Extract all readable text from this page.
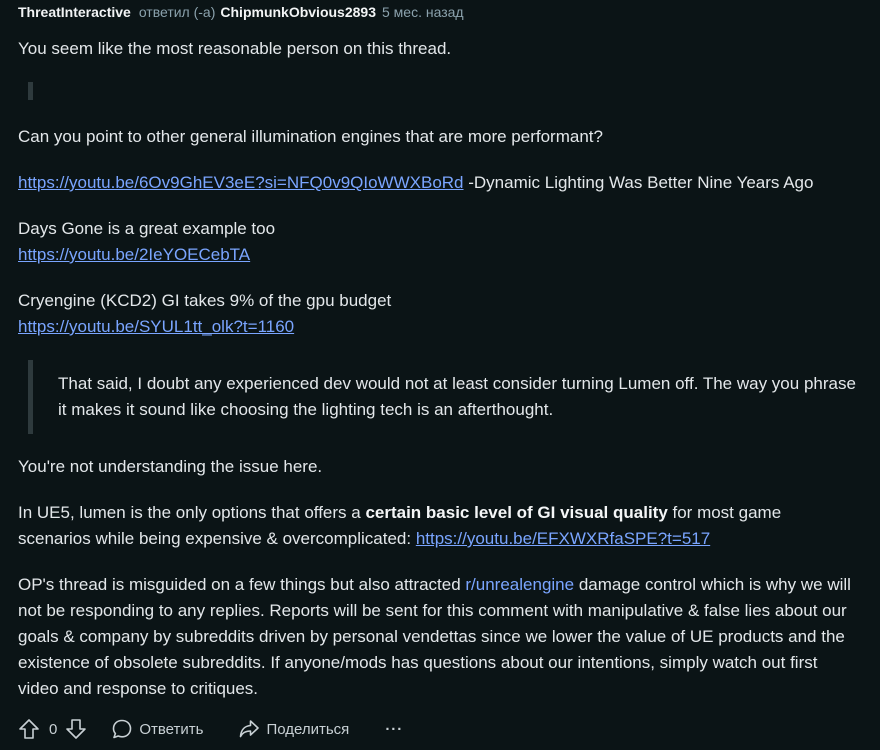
ThreatInteractive ответил (-а) ChipmunkObvious2893 5 мес. назад

You seem like the most reasonable person on this thread.

Can you point to other general illumination engines that are more performant?

https://youtu.be/6Ov9GhEV3eE?si=NFQ0v9QIoWWXBoRd -Dynamic Lighting Was Better Nine Years Ago

Days Gone is a great example too
https://youtu.be/2IeYOECebTA

Cryengine (KCD2) GI takes 9% of the gpu budget
https://youtu.be/SYUL1tt_olk?t=1160

That said, I doubt any experienced dev would not at least consider turning Lumen off. The way you phrase it makes it sound like choosing the lighting tech is an afterthought.

You're not understanding the issue here.

In UE5, lumen is the only options that offers a certain basic level of GI visual quality for most game scenarios while being expensive & overcomplicated: https://youtu.be/EFXWXRfaSPE?t=517

OP's thread is misguided on a few things but also attracted r/unrealengine damage control which is why we will not be responding to any replies. Reports will be sent for this comment with manipulative & false lies about our goals & company by subreddits driven by personal vendettas since we lower the value of UE products and the existence of obsolete subreddits. If anyone/mods has questions about our intentions, simply watch out first video and response to critiques.

0	Ответить	Поделиться ···
